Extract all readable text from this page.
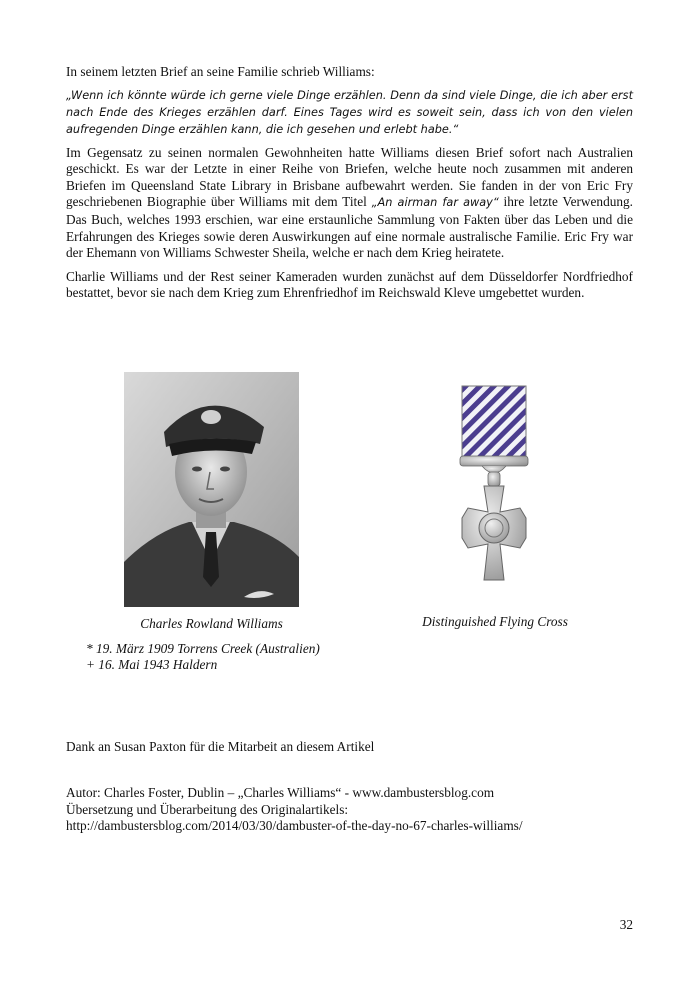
In seinem letzten Brief an seine Familie schrieb Williams:

„Wenn ich könnte würde ich gerne viele Dinge erzählen. Denn da sind viele Dinge, die ich aber erst nach Ende des Krieges erzählen darf. Eines Tages wird es soweit sein, dass ich von den vielen aufregenden Dinge erzählen kann, die ich gesehen und erlebt habe.“

Im Gegensatz zu seinen normalen Gewohnheiten hatte Williams diesen Brief sofort nach Australien geschickt. Es war der Letzte in einer Reihe von Briefen, welche heute noch zusammen mit anderen Briefen im Queensland State Library in Brisbane aufbewahrt werden. Sie fanden in der von Eric Fry geschriebenen Biographie über Williams mit dem Titel „An airman far away“ ihre letzte Verwendung. Das Buch, welches 1993 erschien, war eine erstaunliche Sammlung von Fakten über das Leben und die Erfahrungen des Krieges sowie deren Auswirkungen auf eine normale australische Familie. Eric Fry war der Ehemann von Williams Schwester Sheila, welche er nach dem Krieg heiratete.

Charlie Williams und der Rest seiner Kameraden wurden zunächst auf dem Düsseldorfer Nordfriedhof bestattet, bevor sie nach dem Krieg zum Ehrenfriedhof im Reichswald Kleve umgebettet wurden.

Charles Rowland Williams	Distinguished Flying Cross
* 19. März 1909 Torrens Creek (Australien)
+ 16. Mai 1943 Haldern
Dank an Susan Paxton für die Mitarbeit an diesem Artikel

Autor: Charles Foster, Dublin – „Charles Williams“ - www.dambustersblog.com

Übersetzung und Überarbeitung des Originalartikels:

http://dambustersblog.com/2014/03/30/dambuster-of-the-day-no-67-charles-williams/

32
